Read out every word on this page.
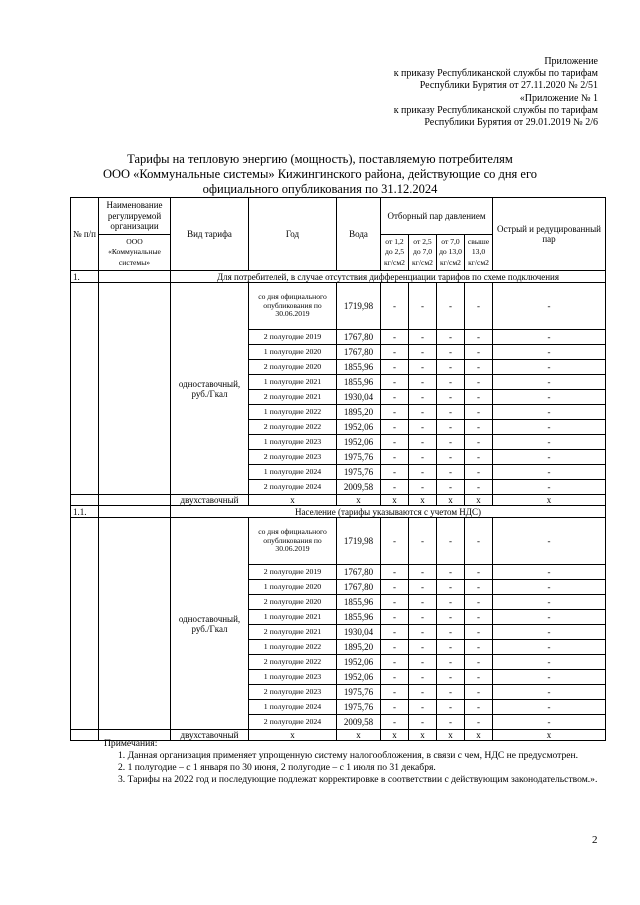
Приложение
к приказу Республиканской службы по тарифам
Республики Бурятия от 27.11.2020 № 2/51
«Приложение № 1
к приказу Республиканской службы по тарифам
Республики Бурятия от 29.01.2019 № 2/6
Тарифы на тепловую энергию (мощность), поставляемую потребителям
ООО «Коммунальные системы» Кижингинского района, действующие со дня его
официального опубликования по 31.12.2024
№ п/п	Наименование регулируемой организации	Вид тарифа	Год	Вода	Отборный пар давлением				Острый и редуцированный пар
	ООО «Коммунальные системы»				от 1,2 до 2,5 кг/см2	от 2,5 до 7,0 кг/см2	от 7,0 до 13,0 кг/см2	свыше 13,0 кг/см2	
1.		Для потребителей, в случае отсутствия дифференциации тарифов по схеме подключения							
		одноставочный, руб./Гкал	со дня официального опубликования по 30.06.2019	1719,98	-	-	-	-	-
			2 полугодие 2019	1767,80	-	-	-	-	-
			1 полугодие 2020	1767,80	-	-	-	-	-
			2 полугодие 2020	1855,96	-	-	-	-	-
			1 полугодие 2021	1855,96	-	-	-	-	-
			2 полугодие 2021	1930,04	-	-	-	-	-
			1 полугодие 2022	1895,20	-	-	-	-	-
			2 полугодие 2022	1952,06	-	-	-	-	-
			1 полугодие 2023	1952,06	-	-	-	-	-
			2 полугодие 2023	1975,76	-	-	-	-	-
			1 полугодие 2024	1975,76	-	-	-	-	-
			2 полугодие 2024	2009,58	-	-	-	-	-
		двухставочный	x	x	x	x	x	x	x
1.1.		Население (тарифы указываются с учетом НДС)							
		одноставочный, руб./Гкал	со дня официального опубликования по 30.06.2019	1719,98	-	-	-	-	-
			2 полугодие 2019	1767,80	-	-	-	-	-
			1 полугодие 2020	1767,80	-	-	-	-	-
			2 полугодие 2020	1855,96	-	-	-	-	-
			1 полугодие 2021	1855,96	-	-	-	-	-
			2 полугодие 2021	1930,04	-	-	-	-	-
			1 полугодие 2022	1895,20	-	-	-	-	-
			2 полугодие 2022	1952,06	-	-	-	-	-
			1 полугодие 2023	1952,06	-	-	-	-	-
			2 полугодие 2023	1975,76	-	-	-	-	-
			1 полугодие 2024	1975,76	-	-	-	-	-
			2 полугодие 2024	2009,58	-	-	-	-	-
		двухставочный	x	x	x	x	x	x	x

Примечания:

1. Данная организация применяет упрощенную систему налогообложения, в связи с чем, НДС не предусмотрен.

2. 1 полугодие – с 1 января по 30 июня, 2 полугодие – с 1 июля по 31 декабря.

3. Тарифы на 2022 год и последующие подлежат корректировке в соответствии с действующим законодательством.».

2
